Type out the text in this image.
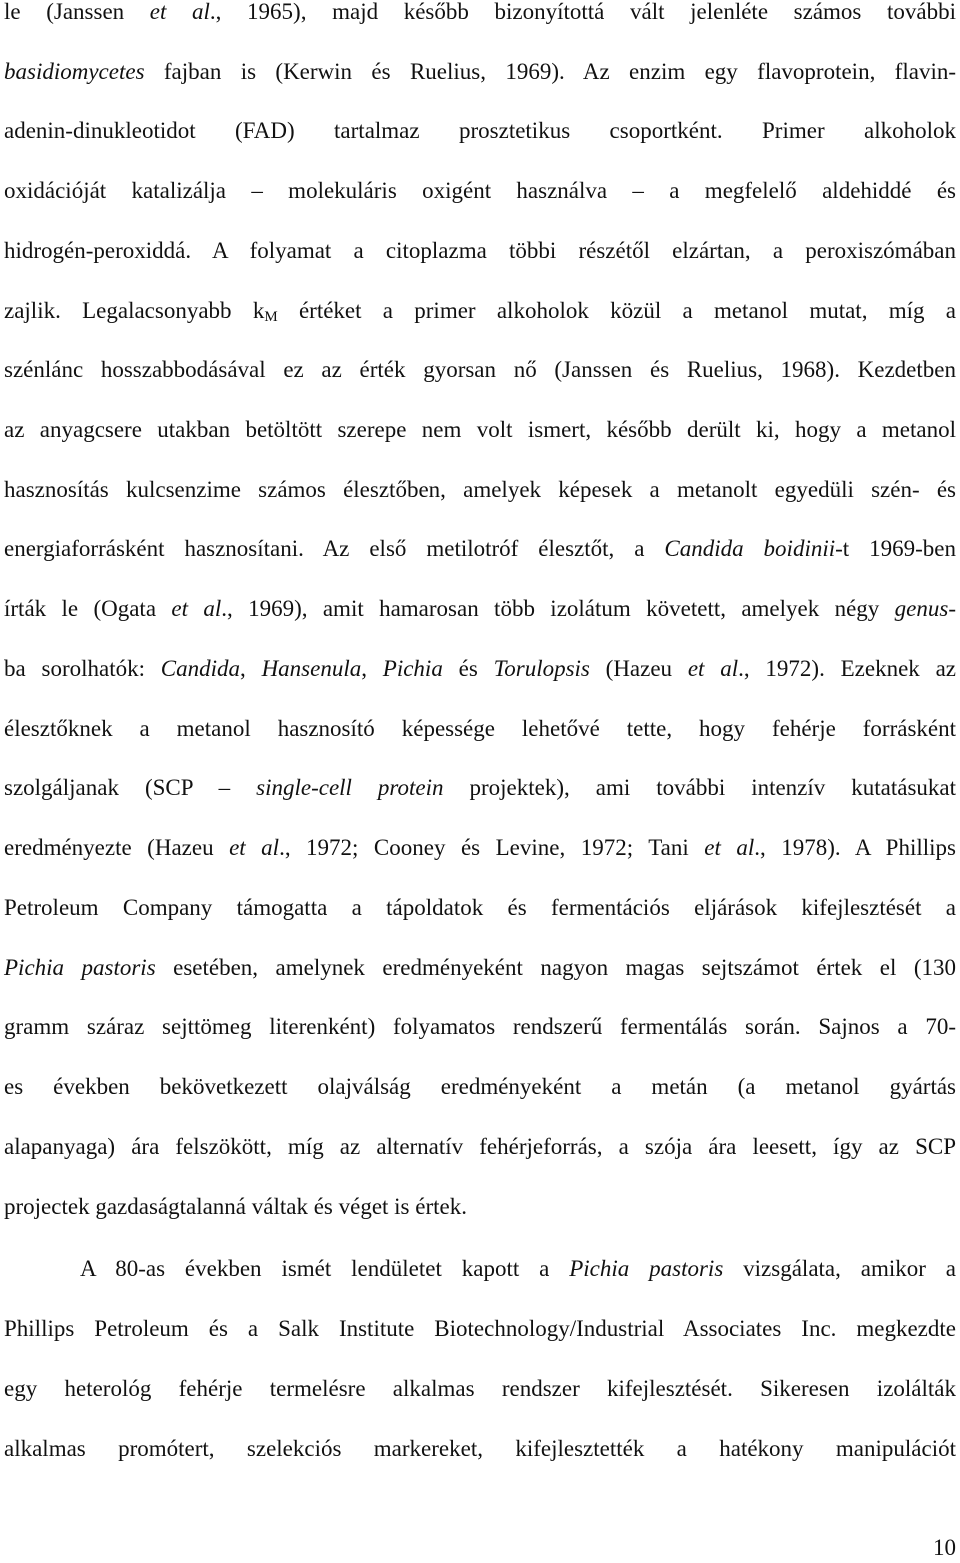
le (Janssen et al., 1965), majd később bizonyítottá vált jelenléte számos további
basidiomycetes fajban is (Kerwin és Ruelius, 1969). Az enzim egy flavoprotein, flavin-
adenin-dinukleotidot (FAD) tartalmaz prosztetikus csoportként. Primer alkoholok
oxidációját katalizálja – molekuláris oxigént használva – a megfelelő aldehiddé és
hidrogén-peroxiddá. A folyamat a citoplazma többi részétől elzártan, a peroxiszómában
zajlik. Legalacsonyabb $k_M$ értéket a primer alkoholok közül a metanol mutat, míg a
szénlánc hosszabbodásával ez az érték gyorsan nő (Janssen és Ruelius, 1968). Kezdetben
az anyagcsere utakban betöltött szerepe nem volt ismert, később derült ki, hogy a metanol
hasznosítás kulcsenzime számos élesztőben, amelyek képesek a metanolt egyedüli szén- és
energiaforrásként hasznosítani. Az első metilotróf élesztőt, a Candida boidinii-t 1969-ben
írták le (Ogata et al., 1969), amit hamarosan több izolátum követett, amelyek négy genus-
ba sorolhatók: Candida, Hansenula, Pichia és Torulopsis (Hazeu et al., 1972). Ezeknek az
élesztőknek a metanol hasznosító képessége lehetővé tette, hogy fehérje forrásként
szolgáljanak (SCP – single-cell protein projektek), ami további intenzív kutatásukat
eredményezte (Hazeu et al., 1972; Cooney és Levine, 1972; Tani et al., 1978). A Phillips
Petroleum Company támogatta a tápoldatok és fermentációs eljárások kifejlesztését a
Pichia pastoris esetében, amelynek eredményeként nagyon magas sejtszámot értek el (130
gramm száraz sejttömeg literenként) folyamatos rendszerű fermentálás során. Sajnos a 70-
es években bekövetkezett olajválság eredményeként a metán (a metanol gyártás
alapanyaga) ára felszökött, míg az alternatív fehérjeforrás, a szója ára leesett, így az SCP
projectek gazdaságtalanná váltak és véget is értek.
A 80-as években ismét lendületet kapott a Pichia pastoris vizsgálata, amikor a
Phillips Petroleum és a Salk Institute Biotechnology/Industrial Associates Inc. megkezdte
egy heterológ fehérje termelésre alkalmas rendszer kifejlesztését. Sikeresen izolálták
alkalmas promótert, szelekciós markereket, kifejlesztették a hatékony manipulációt
10
